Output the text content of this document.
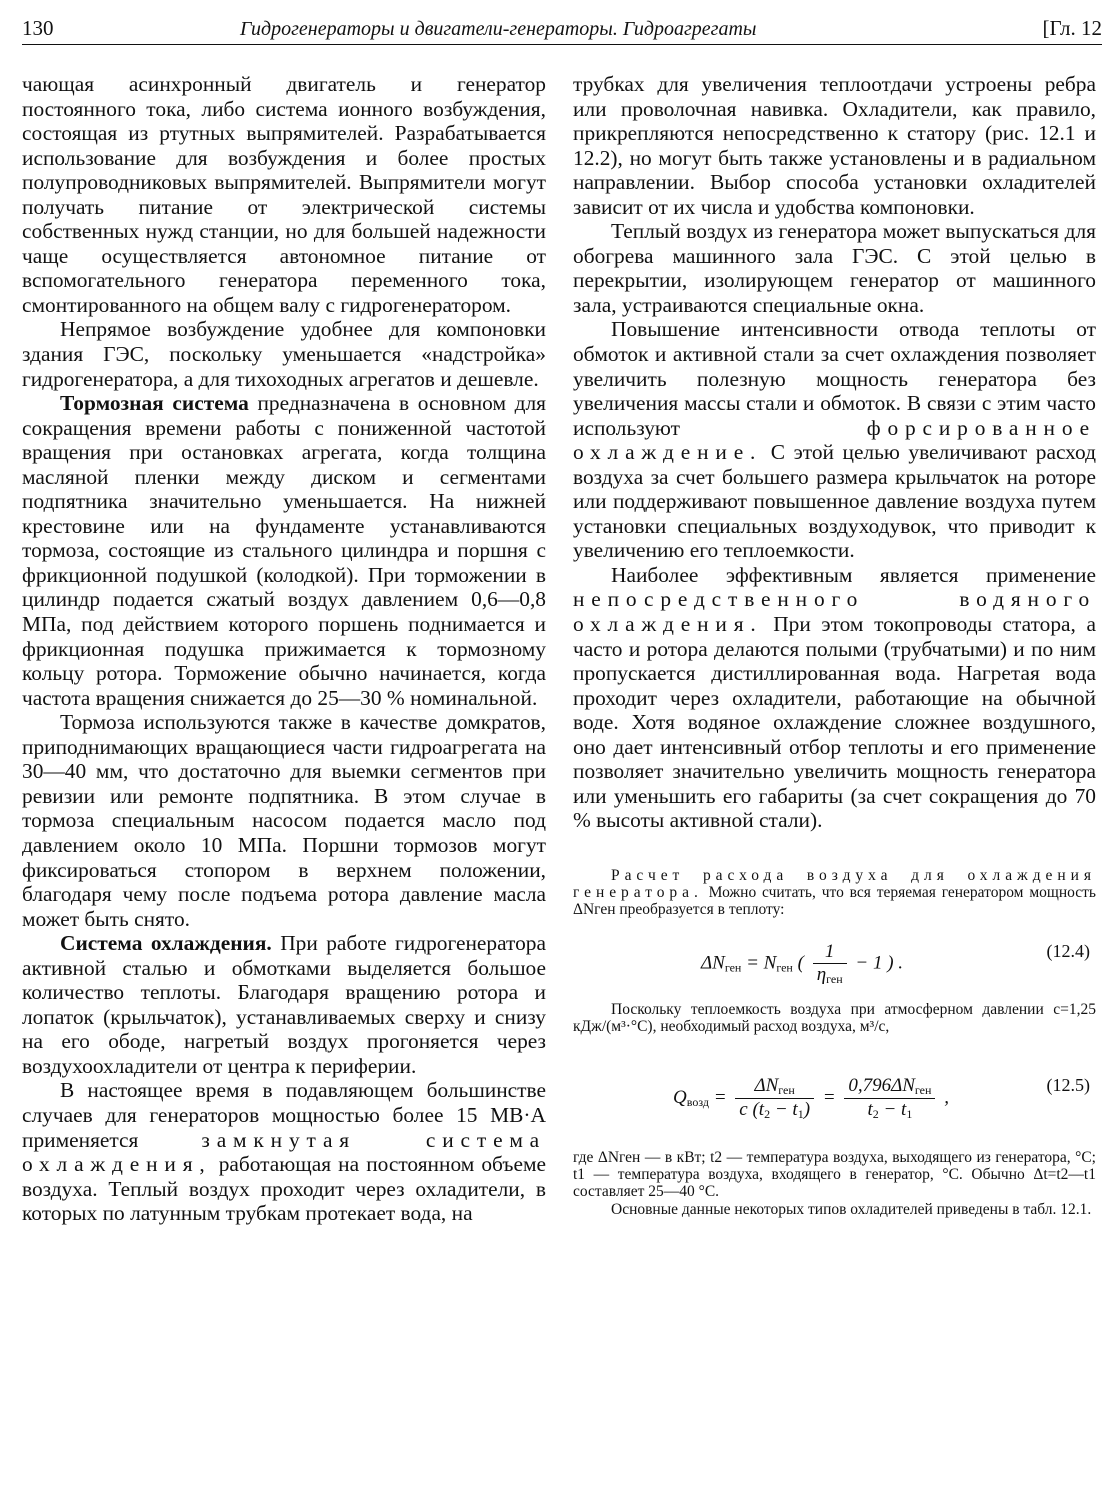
130	Гидрогенераторы и двигатели-генераторы. Гидроагрегаты	[Гл. 12

чающая асинхронный двигатель и генератор постоянного тока, либо система ионного возбуждения, состоящая из ртутных выпрямителей. Разрабатывается использование для возбуждения и более простых полупроводниковых выпрямителей. Выпрямители могут получать питание от электрической системы собственных нужд станции, но для большей надежности чаще осуществляется автономное питание от вспомогательного генератора переменного тока, смонтированного на общем валу с гидрогенератором.

Непрямое возбуждение удобнее для компоновки здания ГЭС, поскольку уменьшается «надстройка» гидрогенератора, а для тихоходных агрегатов и дешевле.

Тормозная система предназначена в основном для сокращения времени работы с пониженной частотой вращения при остановках агрегата, когда толщина масляной пленки между диском и сегментами подпятника значительно уменьшается. На нижней крестовине или на фундаменте устанавливаются тормоза, состоящие из стального цилиндра и поршня с фрикционной подушкой (колодкой). При торможении в цилиндр подается сжатый воздух давлением 0,6—0,8 МПа, под действием которого поршень поднимается и фрикционная подушка прижимается к тормозному кольцу ротора. Торможение обычно начинается, когда частота вращения снижается до 25—30 % номинальной.

Тормоза используются также в качестве домкратов, приподнимающих вращающиеся части гидроагрегата на 30—40 мм, что достаточно для выемки сегментов при ревизии или ремонте подпятника. В этом случае в тормоза специальным насосом подается масло под давлением около 10 МПа. Поршни тормозов могут фиксироваться стопором в верхнем положении, благодаря чему после подъема ротора давление масла может быть снято.

Система охлаждения. При работе гидрогенератора активной сталью и обмотками выделяется большое количество теплоты. Благодаря вращению ротора и лопаток (крыльчаток), устанавливаемых сверху и снизу на его ободе, нагретый воздух прогоняется через воздухоохладители от центра к периферии.

В настоящее время в подавляющем большинстве случаев для генераторов мощностью более 15 МВ·А применяется замкнутая система охлаждения, работающая на постоянном объеме воздуха. Теплый воздух проходит через охладители, в которых по латунным трубкам протекает вода, на

трубках для увеличения теплоотдачи устроены ребра или проволочная навивка. Охладители, как правило, прикрепляются непосредственно к статору (рис. 12.1 и 12.2), но могут быть также установлены и в радиальном направлении. Выбор способа установки охладителей зависит от их числа и удобства компоновки.

Теплый воздух из генератора может выпускаться для обогрева машинного зала ГЭС. С этой целью в перекрытии, изолирующем генератор от машинного зала, устраиваются специальные окна.

Повышение интенсивности отвода теплоты от обмоток и активной стали за счет охлаждения позволяет увеличить полезную мощность генератора без увеличения массы стали и обмоток. В связи с этим часто используют форсированное охлаждение. С этой целью увеличивают расход воздуха за счет большего размера крыльчаток на роторе или поддерживают повышенное давление воздуха путем установки специальных воздуходувок, что приводит к увеличению его теплоемкости.

Наиболее эффективным является применение непосредственного водяного охлаждения. При этом токопроводы статора, а часто и ротора делаются полыми (трубчатыми) и по ним пропускается дистиллированная вода. Нагретая вода проходит через охладители, работающие на обычной воде. Хотя водяное охлаждение сложнее воздушного, оно дает интенсивный отбор теплоты и его применение позволяет значительно увеличить мощность генератора или уменьшить его габариты (за счет сокращения до 70 % высоты активной стали).

Расчет расхода воздуха для охлаждения генератора. Можно считать, что вся теряемая генератором мощность ΔNген преобразуется в теплоту:

$\Delta N_{ген} = N_{ген}$ ( $\frac{1}{\eta_{ген}} - 1$ ) .
(12.4)

Поскольку теплоемкость воздуха при атмосферном давлении c=1,25 кДж/(м³·°С), необходимый расход воздуха, м³/с,

$Q_{возд} = \frac{\Delta N_{ген}}{c (t_2 - t_1)} = \frac{0,796\Delta N_{ген}}{t_2 - t_1}$ ,
(12.5)

где ΔNген — в кВт; t2 — температура воздуха, выходящего из генератора, °С; t1 — температура воздуха, входящего в генератор, °С. Обычно Δt=t2—t1 составляет 25—40 °С.

Основные данные некоторых типов охладителей приведены в табл. 12.1.
